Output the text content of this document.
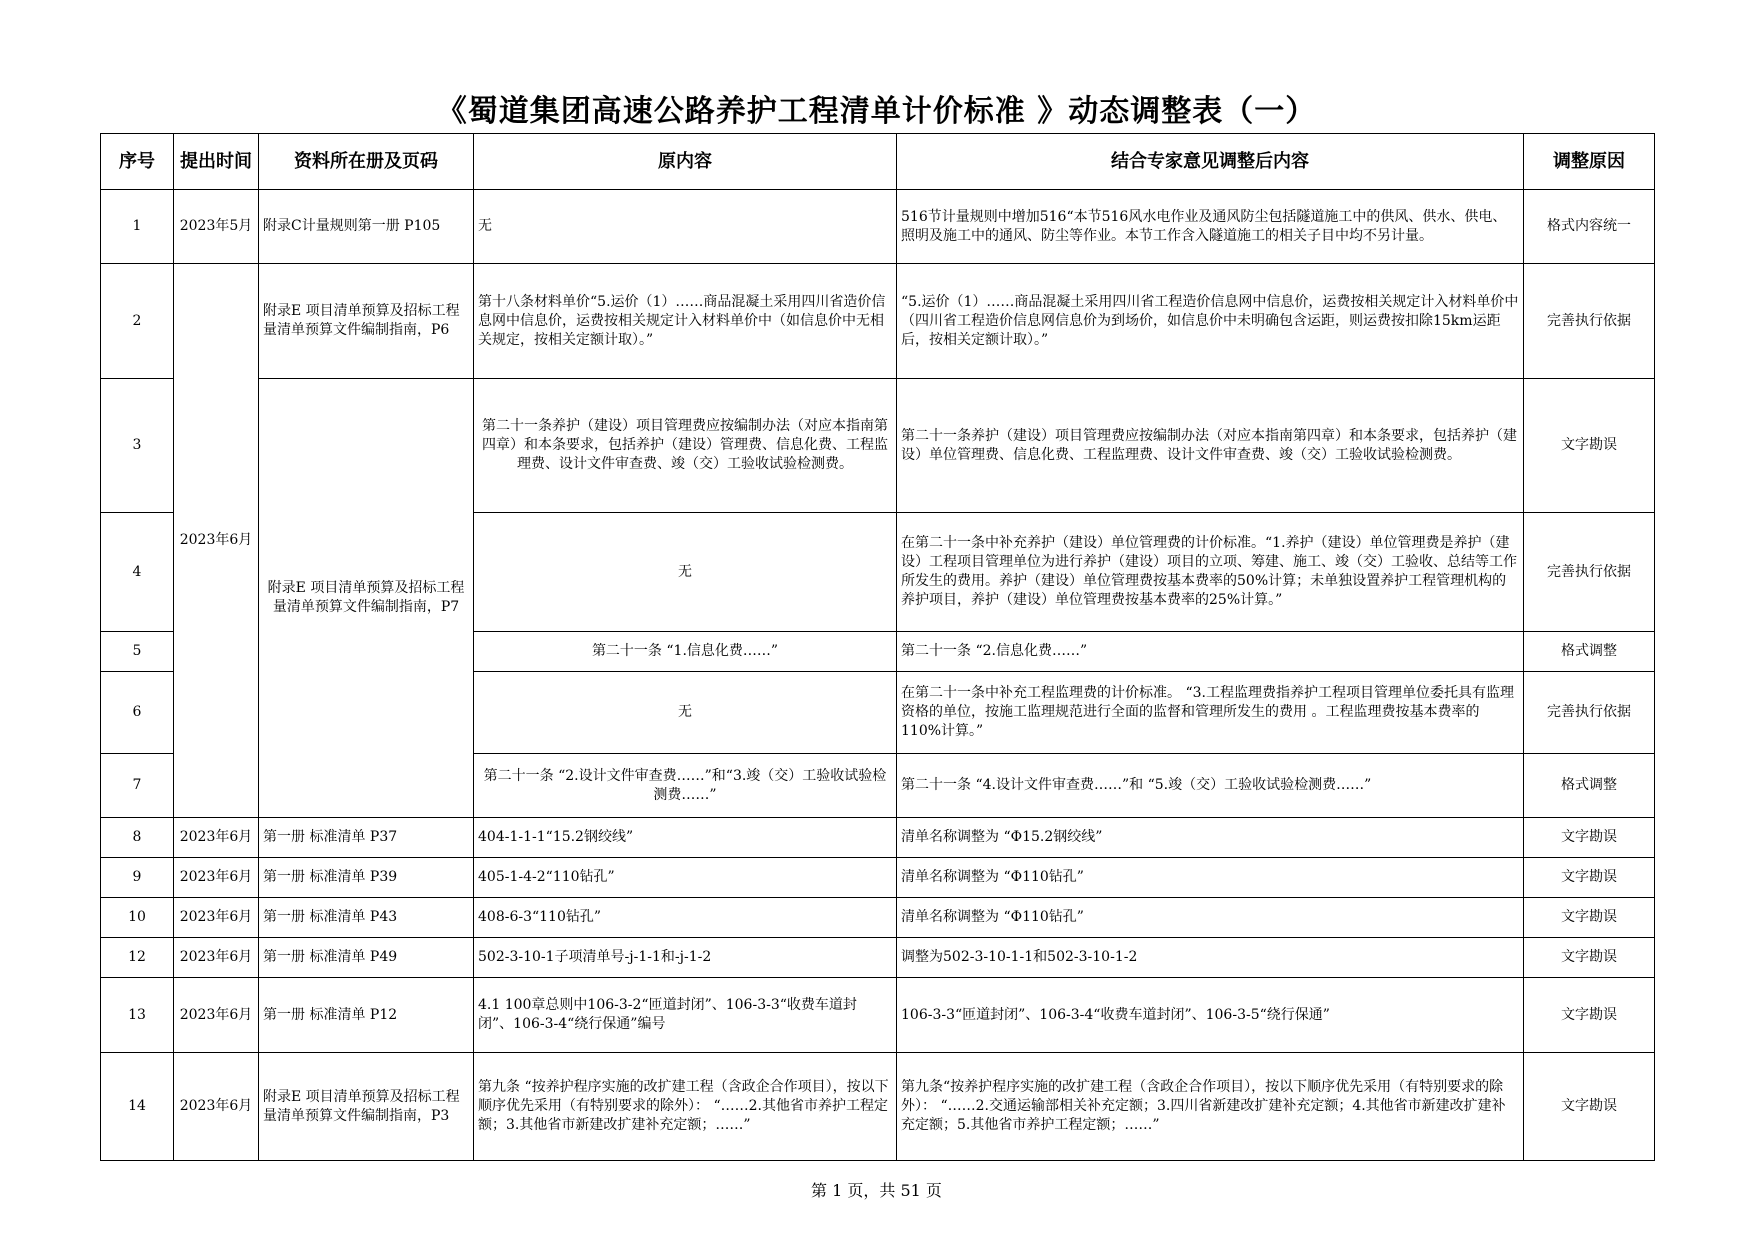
《蜀道集团高速公路养护工程清单计价标准 》动态调整表（一）
序号	提出时间	资料所在册及页码	原内容	结合专家意见调整后内容	调整原因
1	2023年5月	附录C计量规则第一册 P105	无	516节计量规则中增加516“本节516风水电作业及通风防尘包括隧道施工中的供风、供水、供电、照明及施工中的通风、防尘等作业。本节工作含入隧道施工的相关子目中均不另计量。	格式内容统一
2	2023年6月	附录E 项目清单预算及招标工程量清单预算文件编制指南，P6	第十八条材料单价“5.运价（1）……商品混凝土采用四川省造价信息网中信息价，运费按相关规定计入材料单价中（如信息价中无相关规定，按相关定额计取）。”	“5.运价（1）……商品混凝土采用四川省工程造价信息网中信息价，运费按相关规定计入材料单价中（四川省工程造价信息网信息价为到场价，如信息价中未明确包含运距，则运费按扣除15km运距后，按相关定额计取）。”	完善执行依据
3		附录E 项目清单预算及招标工程量清单预算文件编制指南，P7	第二十一条养护（建设）项目管理费应按编制办法（对应本指南第四章）和本条要求，包括养护（建设）管理费、信息化费、工程监理费、设计文件审查费、竣（交）工验收试验检测费。	第二十一条养护（建设）项目管理费应按编制办法（对应本指南第四章）和本条要求，包括养护（建设）单位管理费、信息化费、工程监理费、设计文件审查费、竣（交）工验收试验检测费。	文字勘误
4			无	在第二十一条中补充养护（建设）单位管理费的计价标准。“1.养护（建设）单位管理费是养护（建设）工程项目管理单位为进行养护（建设）项目的立项、筹建、施工、竣（交）工验收、总结等工作所发生的费用。养护（建设）单位管理费按基本费率的50%计算；未单独设置养护工程管理机构的养护项目，养护（建设）单位管理费按基本费率的25%计算。”	完善执行依据
5			第二十一条 “1.信息化费……”	第二十一条 “2.信息化费……”	格式调整
6			无	在第二十一条中补充工程监理费的计价标准。 “3.工程监理费指养护工程项目管理单位委托具有监理资格的单位，按施工监理规范进行全面的监督和管理所发生的费用 。工程监理费按基本费率的110%计算。”	完善执行依据
7			第二十一条 “2.设计文件审查费……”和“3.竣（交）工验收试验检测费……”	第二十一条 “4.设计文件审查费……”和 “5.竣（交）工验收试验检测费……”	格式调整
8	2023年6月	第一册 标准清单 P37	404-1-1-1“15.2钢绞线”	清单名称调整为 “Φ15.2钢绞线”	文字勘误
9	2023年6月	第一册 标准清单 P39	405-1-4-2“110钻孔”	清单名称调整为 “Φ110钻孔”	文字勘误
10	2023年6月	第一册 标准清单 P43	408-6-3“110钻孔”	清单名称调整为 “Φ110钻孔”	文字勘误
12	2023年6月	第一册 标准清单 P49	502-3-10-1子项清单号-j-1-1和-j-1-2	调整为502-3-10-1-1和502-3-10-1-2	文字勘误
13	2023年6月	第一册 标准清单 P12	4.1 100章总则中106-3-2“匝道封闭”、106-3-3“收费车道封闭”、106-3-4“绕行保通”编号	106-3-3“匝道封闭”、106-3-4“收费车道封闭”、106-3-5“绕行保通”	文字勘误
14	2023年6月	附录E 项目清单预算及招标工程量清单预算文件编制指南，P3	第九条 “按养护程序实施的改扩建工程（含政企合作项目），按以下顺序优先采用（有特别要求的除外）： “……2.其他省市养护工程定额；3.其他省市新建改扩建补充定额；……”	第九条“按养护程序实施的改扩建工程（含政企合作项目），按以下顺序优先采用（有特别要求的除外）： “……2.交通运输部相关补充定额；3.四川省新建改扩建补充定额；4.其他省市新建改扩建补充定额；5.其他省市养护工程定额；……”	文字勘误
第 1 页，共 51 页
